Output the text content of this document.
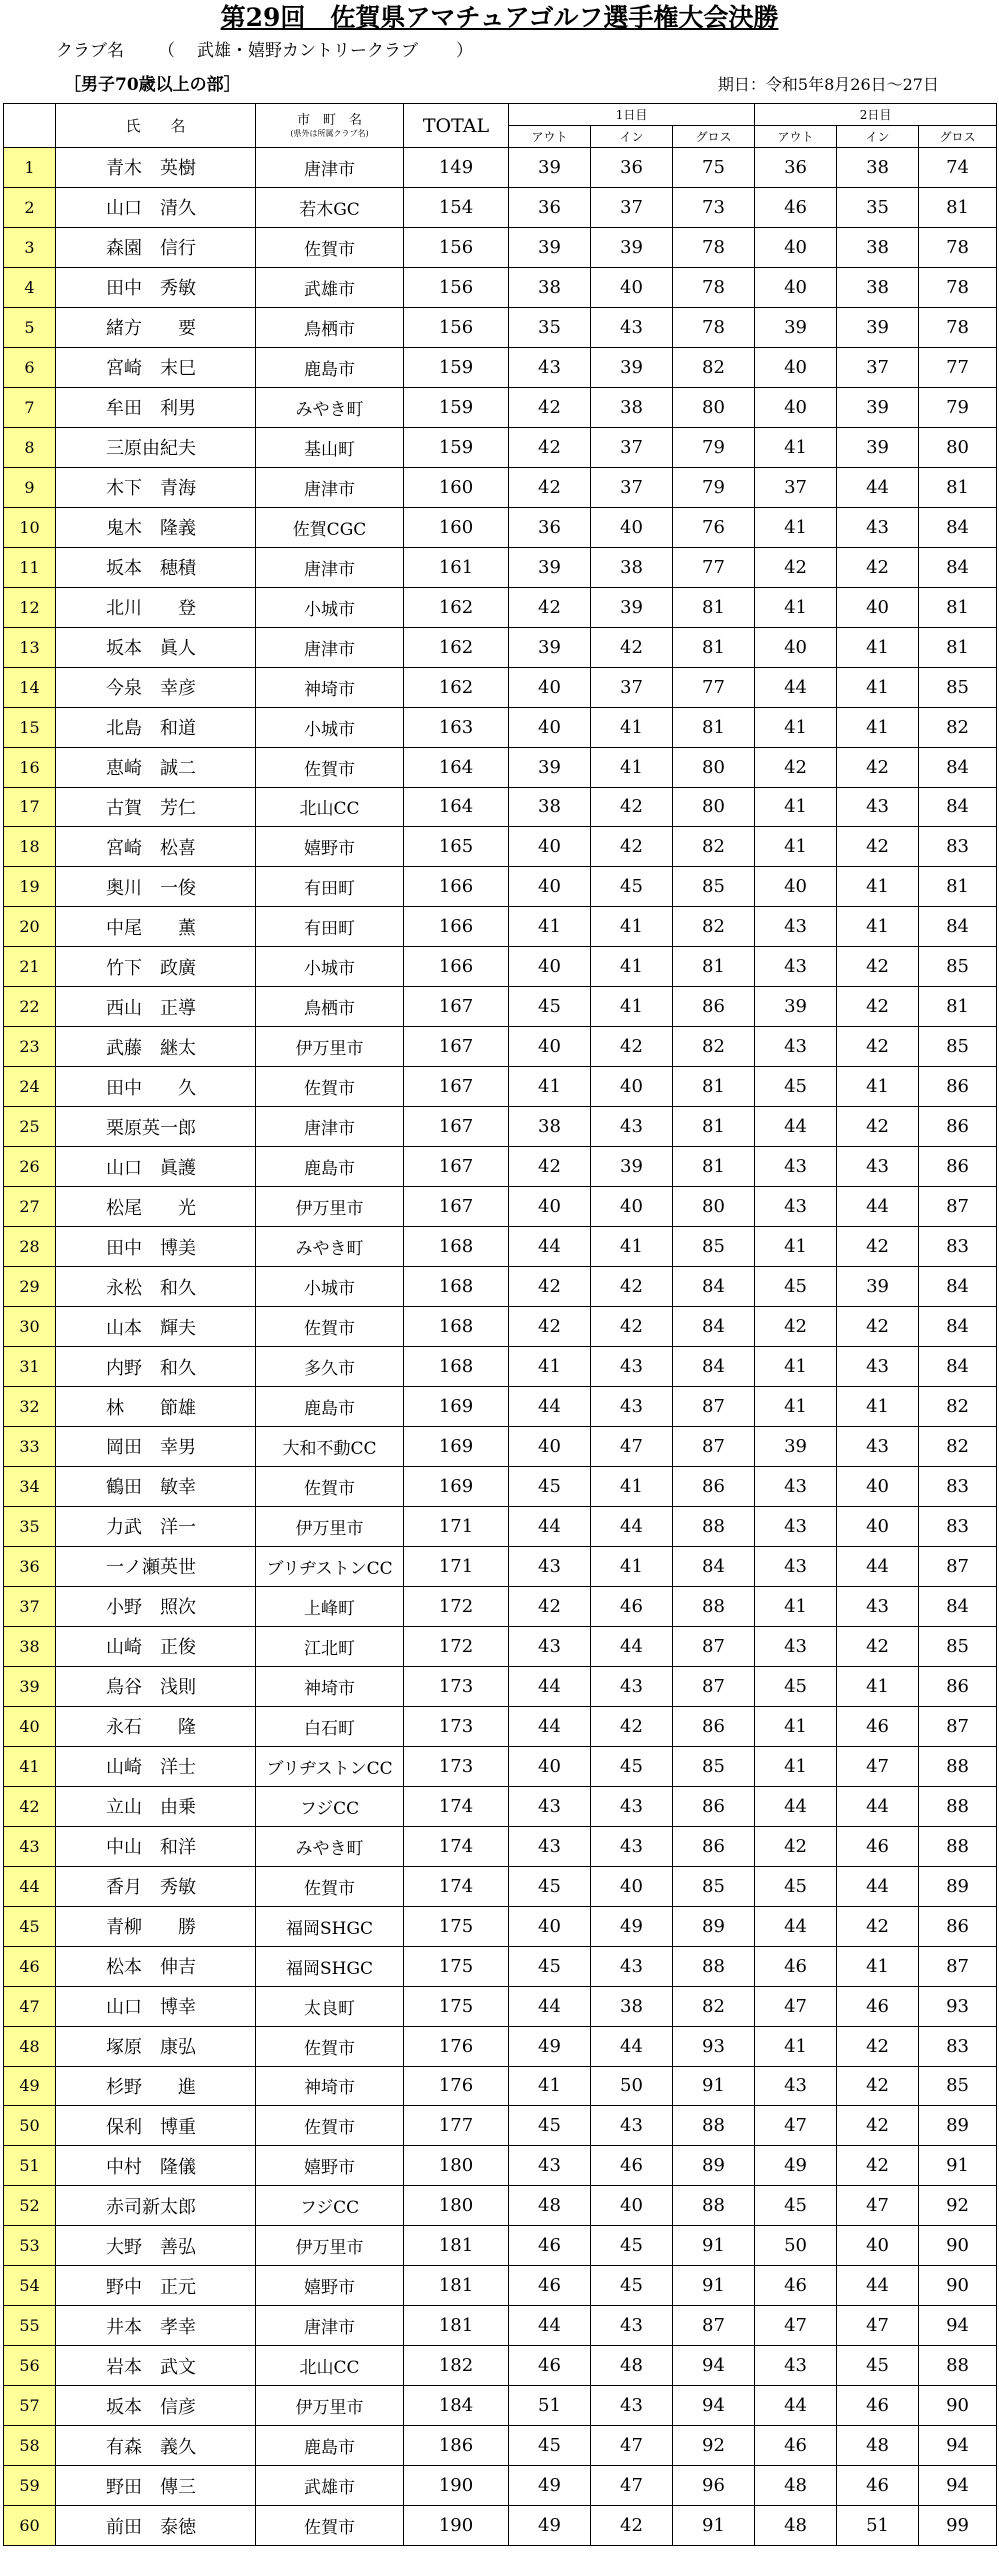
第29回　佐賀県アマチュアゴルフ選手権大会決勝
クラブ名 （ 武雄・嬉野カントリークラブ ）
［男子70歳以上の部］	期日：令和5年8月26日～27日
	氏　　名	市　町　名
(県外は所属クラブ名)	TOTAL	1日目			2日目		
				アウト	イン	グロス	アウト	イン	グロス
1	青木　英樹	唐津市	149	39	36	75	36	38	74
2	山口　清久	若木GC	154	36	37	73	46	35	81
3	森園　信行	佐賀市	156	39	39	78	40	38	78
4	田中　秀敏	武雄市	156	38	40	78	40	38	78
5	緒方　　要	鳥栖市	156	35	43	78	39	39	78
6	宮崎　末巳	鹿島市	159	43	39	82	40	37	77
7	牟田　利男	みやき町	159	42	38	80	40	39	79
8	三原由紀夫	基山町	159	42	37	79	41	39	80
9	木下　青海	唐津市	160	42	37	79	37	44	81
10	鬼木　隆義	佐賀CGC	160	36	40	76	41	43	84
11	坂本　穂積	唐津市	161	39	38	77	42	42	84
12	北川　　登	小城市	162	42	39	81	41	40	81
13	坂本　眞人	唐津市	162	39	42	81	40	41	81
14	今泉　幸彦	神埼市	162	40	37	77	44	41	85
15	北島　和道	小城市	163	40	41	81	41	41	82
16	恵崎　誠二	佐賀市	164	39	41	80	42	42	84
17	古賀　芳仁	北山CC	164	38	42	80	41	43	84
18	宮崎　松喜	嬉野市	165	40	42	82	41	42	83
19	奥川　一俊	有田町	166	40	45	85	40	41	81
20	中尾　　薫	有田町	166	41	41	82	43	41	84
21	竹下　政廣	小城市	166	40	41	81	43	42	85
22	西山　正導	鳥栖市	167	45	41	86	39	42	81
23	武藤　継太	伊万里市	167	40	42	82	43	42	85
24	田中　　久	佐賀市	167	41	40	81	45	41	86
25	栗原英一郎	唐津市	167	38	43	81	44	42	86
26	山口　眞護	鹿島市	167	42	39	81	43	43	86
27	松尾　　光	伊万里市	167	40	40	80	43	44	87
28	田中　博美	みやき町	168	44	41	85	41	42	83
29	永松　和久	小城市	168	42	42	84	45	39	84
30	山本　輝夫	佐賀市	168	42	42	84	42	42	84
31	内野　和久	多久市	168	41	43	84	41	43	84
32	林　　節雄	鹿島市	169	44	43	87	41	41	82
33	岡田　幸男	大和不動CC	169	40	47	87	39	43	82
34	鶴田　敏幸	佐賀市	169	45	41	86	43	40	83
35	力武　洋一	伊万里市	171	44	44	88	43	40	83
36	一ノ瀬英世	ブリヂストンCC	171	43	41	84	43	44	87
37	小野　照次	上峰町	172	42	46	88	41	43	84
38	山崎　正俊	江北町	172	43	44	87	43	42	85
39	鳥谷　浅則	神埼市	173	44	43	87	45	41	86
40	永石　　隆	白石町	173	44	42	86	41	46	87
41	山崎　洋士	ブリヂストンCC	173	40	45	85	41	47	88
42	立山　由乗	フジCC	174	43	43	86	44	44	88
43	中山　和洋	みやき町	174	43	43	86	42	46	88
44	香月　秀敏	佐賀市	174	45	40	85	45	44	89
45	青柳　　勝	福岡SHGC	175	40	49	89	44	42	86
46	松本　伸吉	福岡SHGC	175	45	43	88	46	41	87
47	山口　博幸	太良町	175	44	38	82	47	46	93
48	塚原　康弘	佐賀市	176	49	44	93	41	42	83
49	杉野　　進	神埼市	176	41	50	91	43	42	85
50	保利　博重	佐賀市	177	45	43	88	47	42	89
51	中村　隆儀	嬉野市	180	43	46	89	49	42	91
52	赤司新太郎	フジCC	180	48	40	88	45	47	92
53	大野　善弘	伊万里市	181	46	45	91	50	40	90
54	野中　正元	嬉野市	181	46	45	91	46	44	90
55	井本　孝幸	唐津市	181	44	43	87	47	47	94
56	岩本　武文	北山CC	182	46	48	94	43	45	88
57	坂本　信彦	伊万里市	184	51	43	94	44	46	90
58	有森　義久	鹿島市	186	45	47	92	46	48	94
59	野田　傳三	武雄市	190	49	47	96	48	46	94
60	前田　泰徳	佐賀市	190	49	42	91	48	51	99
